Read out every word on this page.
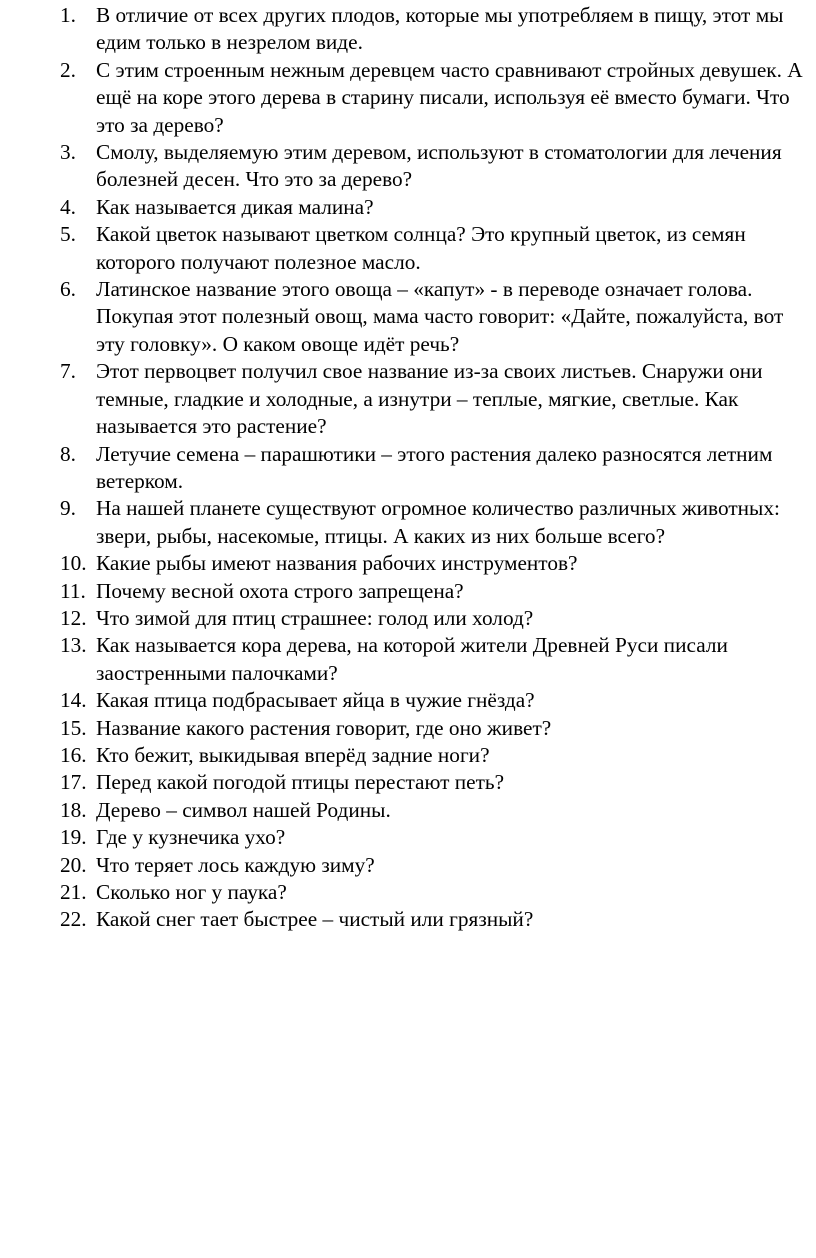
1. В отличие от всех других плодов, которые мы употребляем в пищу, этот мы едим только в незрелом виде.
2. С этим строенным нежным деревцем часто сравнивают стройных девушек. А ещё на коре этого дерева в старину писали, используя её вместо бумаги. Что это за дерево?
3. Смолу, выделяемую этим деревом, используют в стоматологии для лечения болезней десен. Что это за дерево?
4. Как называется дикая малина?
5. Какой цветок называют цветком солнца? Это крупный цветок, из семян которого получают полезное масло.
6. Латинское название этого овоща – «капут» - в переводе означает голова. Покупая этот полезный овощ, мама часто говорит: «Дайте, пожалуйста, вот эту головку». О каком овоще идёт речь?
7. Этот первоцвет получил свое название из-за своих листьев. Снаружи они темные, гладкие и холодные, а изнутри – теплые, мягкие, светлые. Как называется это растение?
8. Летучие семена – парашютики – этого растения далеко разносятся летним ветерком.
9. На нашей планете существуют огромное количество различных животных: звери, рыбы, насекомые, птицы. А каких из них больше всего?
10. Какие рыбы имеют названия рабочих инструментов?
11. Почему весной охота строго запрещена?
12. Что зимой для птиц страшнее: голод или холод?
13. Как называется кора дерева, на которой жители Древней Руси писали заостренными палочками?
14. Какая птица подбрасывает яйца в чужие гнёзда?
15. Название какого растения говорит, где оно живет?
16. Кто бежит, выкидывая вперёд задние ноги?
17. Перед какой погодой птицы перестают петь?
18. Дерево – символ нашей Родины.
19. Где у кузнечика ухо?
20. Что теряет лось каждую зиму?
21. Сколько ног у паука?
22. Какой снег тает быстрее – чистый или грязный?
